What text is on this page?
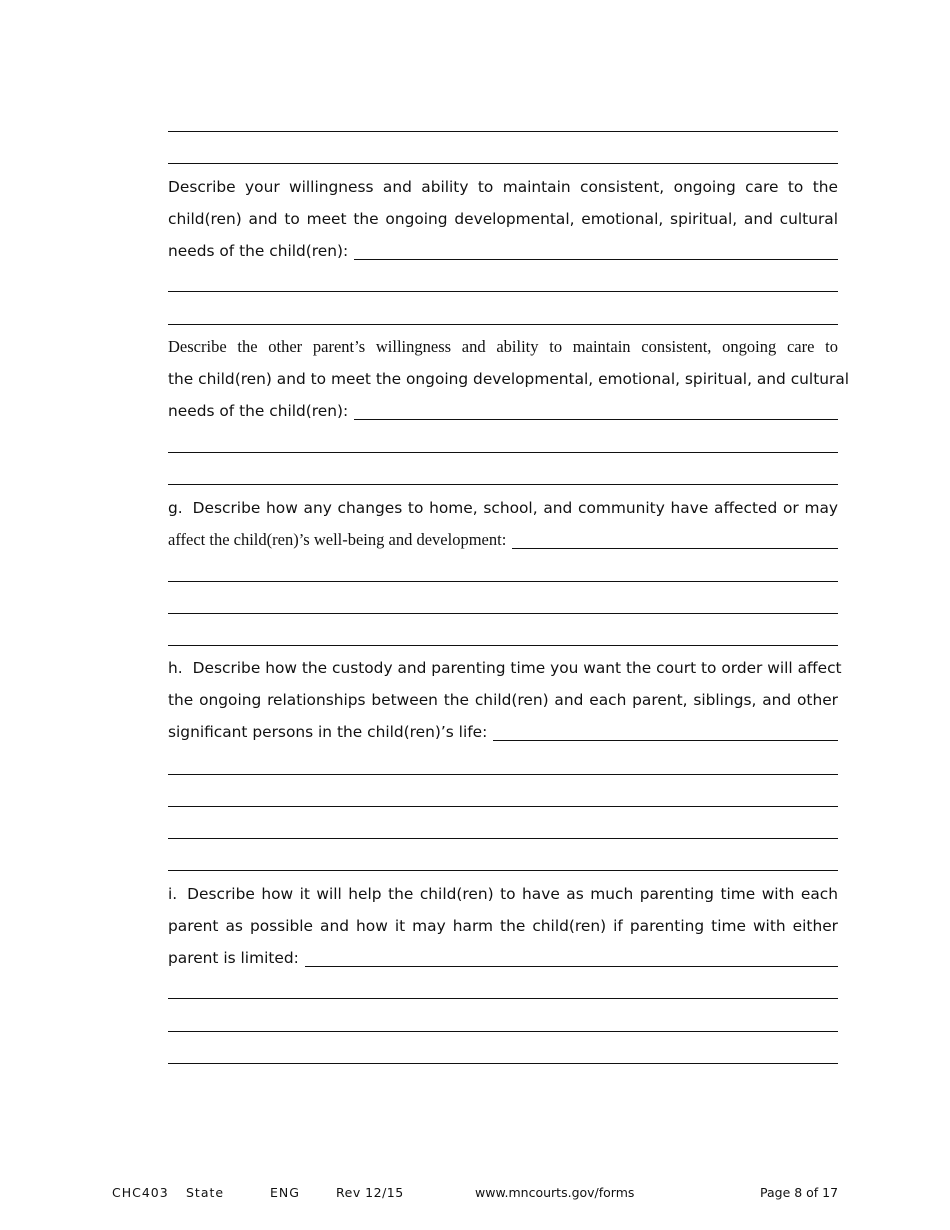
Describe your willingness and ability to maintain consistent, ongoing care to the
child(ren) and to meet the ongoing developmental, emotional, spiritual, and cultural
needs of the child(ren):
Describe the other parent’s willingness and ability to maintain consistent, ongoing care to
the child(ren) and to meet the ongoing developmental, emotional, spiritual, and cultural
needs of the child(ren):
g. Describe how any changes to home, school, and community have affected or may
affect the child(ren)’s well-being and development:
h. Describe how the custody and parenting time you want the court to order will affect
the ongoing relationships between the child(ren) and each parent, siblings, and other
significant persons in the child(ren)’s life:
i. Describe how it will help the child(ren) to have as much parenting time with each
parent as possible and how it may harm the child(ren) if parenting time with either
parent is limited:
CHC403 State	ENG	Rev 12/15	www.mncourts.gov/forms	Page 8 of 17
